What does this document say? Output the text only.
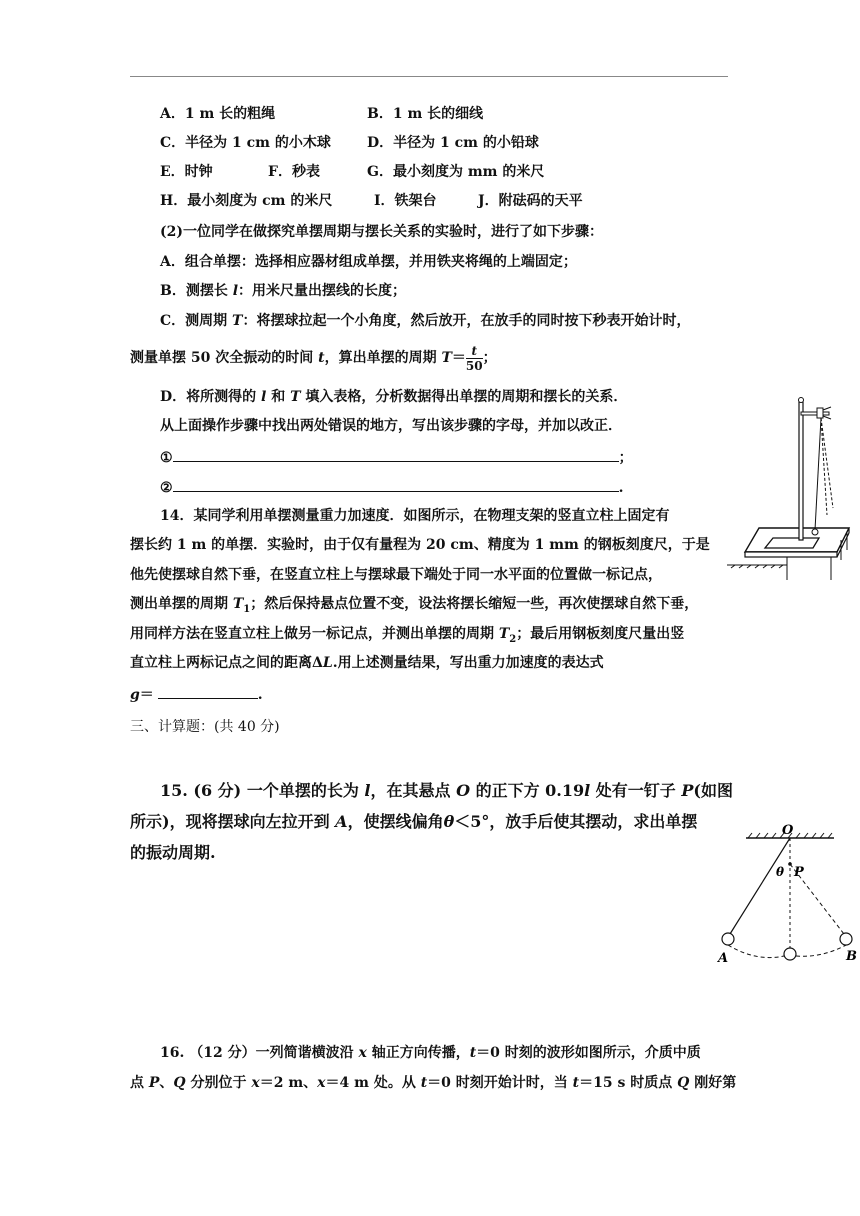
A．1 m 长的粗绳	B．1 m 长的细线
C．半径为 1 cm 的小木球	D．半径为 1 cm 的小铅球
E．时钟	F．秒表	G．最小刻度为 mm 的米尺
H．最小刻度为 cm 的米尺	I．铁架台	J．附砝码的天平
(2)一位同学在做探究单摆周期与摆长关系的实验时，进行了如下步骤：
A．组合单摆：选择相应器材组成单摆，并用铁夹将绳的上端固定；
B．测摆长 l：用米尺量出摆线的长度；
C．测周期 T：将摆球拉起一个小角度，然后放开，在放手的同时按下秒表开始计时，
测量单摆 50 次全振动的时间 t，算出单摆的周期 $T= \frac{t}{50}$ ；
D．将所测得的 l 和 T 填入表格，分析数据得出单摆的周期和摆长的关系．
从上面操作步骤中找出两处错误的地方，写出该步骤的字母，并加以改正．
①	；
②	.
14．某同学利用单摆测量重力加速度．如图所示，在物理支架的竖直立柱上固定有
摆长约 1 m 的单摆．实验时，由于仅有量程为 20 cm、精度为 1 mm 的钢板刻度尺，于是
他先使摆球自然下垂，在竖直立柱上与摆球最下端处于同一水平面的位置做一标记点，
测出单摆的周期 $T_1$；然后保持悬点位置不变，设法将摆长缩短一些，再次使摆球自然下垂，
用同样方法在竖直立柱上做另一标记点，并测出单摆的周期 $T_2$；最后用钢板刻度尺量出竖
直立柱上两标记点之间的距离ΔL.用上述测量结果，写出重力加速度的表达式
g＝	.
三、计算题：(共 40 分)
15. (6 分) 一个单摆的长为 l，在其悬点 O 的正下方 0.19l 处有一钉子 P(如图
所示)，现将摆球向左拉开到 A，使摆线偏角θ＜5°，放手后使其摆动，求出单摆
的振动周期.
O
θ P
A	B
16. （12 分）一列简谐横波沿 x 轴正方向传播，t＝0 时刻的波形如图所示，介质中质
点 P、Q 分别位于 x＝2 m、x＝4 m 处。从 t＝0 时刻开始计时，当 t＝15 s 时质点 Q 刚好第
